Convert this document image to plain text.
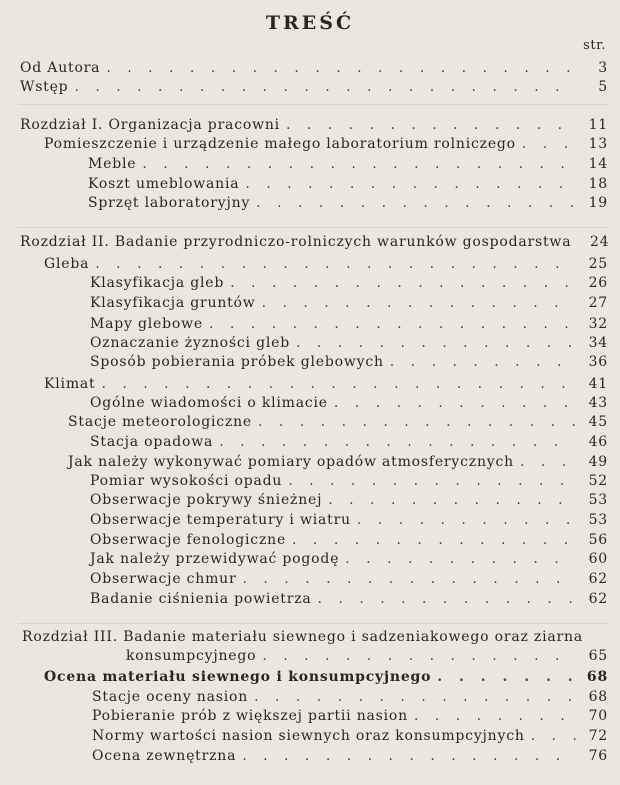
TREŚĆ
str.
Od Autora . . .	3
Wstęp . . .	5
Rozdział I. Organizacja pracowni . . .	11
Pomieszczenie i urządzenie małego laboratorium rolniczego . . .	13
Meble . . .	14
Koszt umeblowania . . .	18
Sprzęt laboratoryjny . . .	19
Rozdział II. Badanie przyrodniczo-rolniczych warunków gospodarstwa	24
Gleba . . .	25
Klasyfikacja gleb . . .	26
Klasyfikacja gruntów . . .	27
Mapy glebowe . . .	32
Oznaczanie żyzności gleb . . .	34
Sposób pobierania próbek glebowych . . .	36
Klimat . . .	41
Ogólne wiadomości o klimacie . . .	43
Stacje meteorologiczne . . .	45
Stacja opadowa . . .	46
Jak należy wykonywać pomiary opadów atmosferycznych . . .	49
Pomiar wysokości opadu . . .	52
Obserwacje pokrywy śnieżnej . . .	53
Obserwacje temperatury i wiatru . . .	53
Obserwacje fenologiczne . . .	56
Jak należy przewidywać pogodę . . .	60
Obserwacje chmur . . .	62
Badanie ciśnienia powietrza . . .	62
Rozdział III. Badanie materiału siewnego i sadzeniakowego oraz ziarna
konsumpcyjnego . . .	65
Ocena materiału siewnego i konsumpcyjnego . . .	68
Stacje oceny nasion . . .	68
Pobieranie prób z większej partii nasion . . .	70
Normy wartości nasion siewnych oraz konsumpcyjnych . . .	72
Ocena zewnętrzna . . .	76
